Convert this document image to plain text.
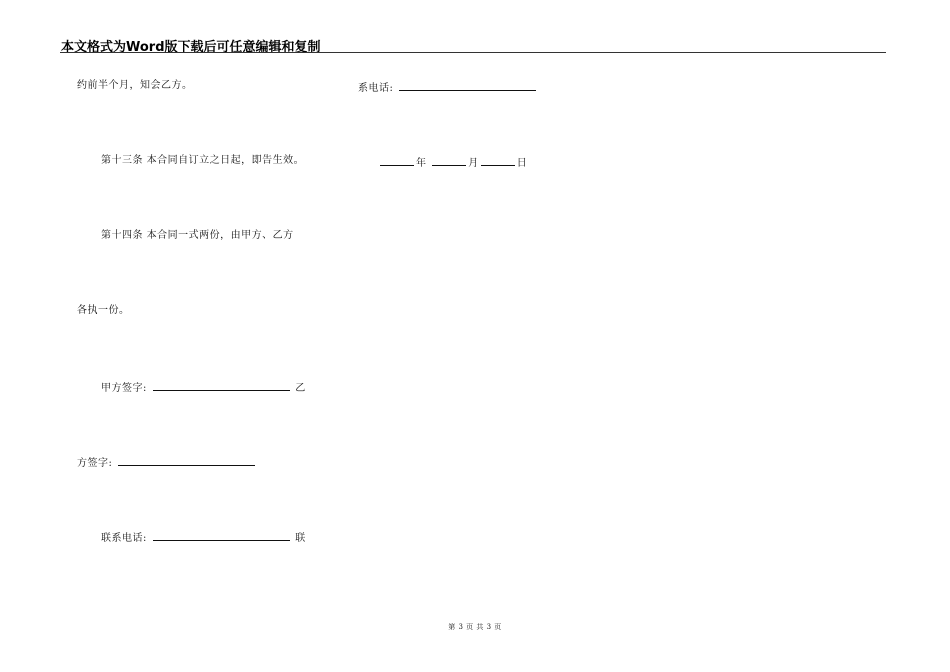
本文格式为Word版下载后可任意编辑和复制
约前半个月，知会乙方。
第十三条 本合同自订立之日起，即告生效。
第十四条 本合同一式两份，由甲方、乙方
各执一份。
甲方签字:	乙
方签字:
联系电话:	联
系电话:
年	月	日
第 3 页 共 3 页
